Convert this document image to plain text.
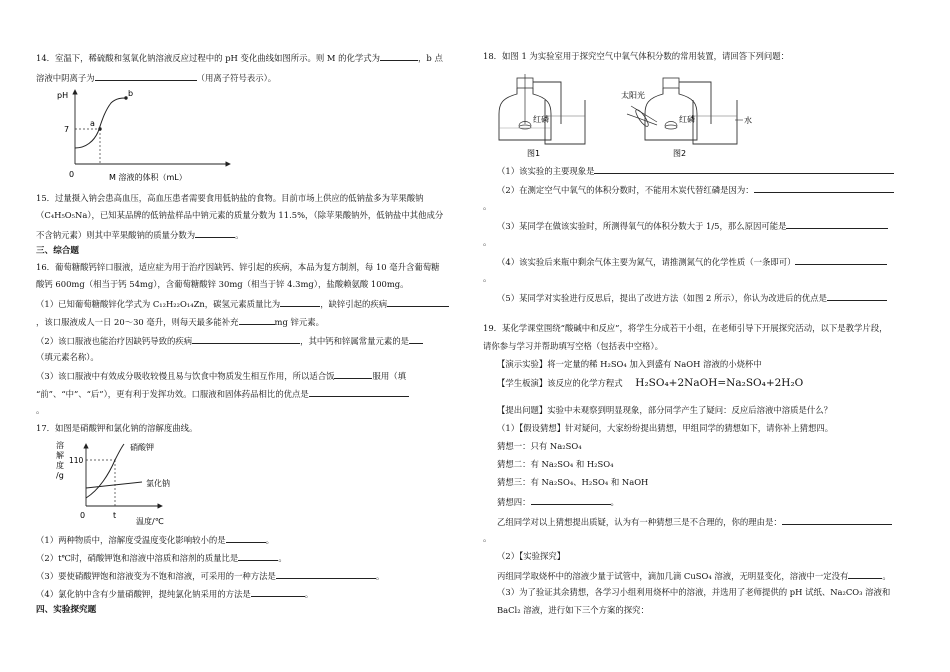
14．室温下，稀硫酸和氢氧化钠溶液反应过程中的 pH 变化曲线如图所示。则 M 的化学式为	，b 点
溶液中阴离子为	（用离子符号表示）。
pH
7
0
a
b
M 溶液的体积（mL）
15．过量摄入钠会患高血压，高血压患者需要食用低钠盐的食物。目前市场上供应的低钠盐多为苹果酸钠
（C₄H₅O₅Na），已知某品牌的低钠盐样品中钠元素的质量分数为 11.5%，（除苹果酸钠外，低钠盐中其他成分
不含钠元素）则其中苹果酸钠的质量分数为	。
三、综合题
16．葡萄糖酸钙锌口服液，适应症为用于治疗因缺钙、锌引起的疾病，本品为复方制剂，每 10 毫升含葡萄糖
酸钙 600mg（相当于钙 54mg），含葡萄糖酸锌 30mg（相当于锌 4.3mg），盐酸赖氨酸 100mg。
（1）已知葡萄糖酸锌化学式为 C₁₂H₂₂O₁₄Zn，碳氢元素质量比为	，缺锌引起的疾病
，该口服液成人一日 20～30 毫升，则每天最多能补充	mg 锌元素。
（2）该口服液也能治疗因缺钙导致的疾病	，其中钙和锌属常量元素的是
（填元素名称）。
（3）该口服液中有效成分吸收较慢且易与饮食中物质发生相互作用，所以适合饭	服用（填
“前”、“中”、“后”），更有利于发挥功效。口服液和固体药品相比的优点是
。
17．如图是硝酸钾和氯化钠的溶解度曲线。
溶
解
度
/g
110
硝酸钾
氯化钠
0	t
温度/℃
（1）两种物质中，溶解度受温度变化影响较小的是	。
（2）t℃时，硝酸钾饱和溶液中溶质和溶剂的质量比是	。
（3）要使硝酸钾饱和溶液变为不饱和溶液，可采用的一种方法是	。
（4）氯化钠中含有少量硝酸钾，提纯氯化钠采用的方法是	。
四、实验探究题
18．如图 1 为实验室用于探究空气中氧气体积分数的常用装置，请回答下列问题：
红磷
图1
太阳光
红磷	水
图2
（1）该实验的主要现象是
（2）在测定空气中氧气的体积分数时，不能用木炭代替红磷是因为：
。
（3）某同学在做该实验时，所测得氧气的体积分数大于 1/5，那么原因可能是
。
（4）该实验后来瓶中剩余气体主要为氮气，请推测氮气的化学性质（一条即可）
。
（5）某同学对实验进行反思后，提出了改进方法（如图 2 所示），你认为改进后的优点是
19．某化学课堂围绕“酸碱中和反应”，将学生分成若干小组，在老师引导下开展探究活动，以下是教学片段，
请你参与学习并帮助填写空格（包括表中空格）。
【演示实验】将一定量的稀 H₂SO₄ 加入到盛有 NaOH 溶液的小烧杯中
【学生板演】该反应的化学方程式 H₂SO₄+2NaOH=Na₂SO₄+2H₂O
【提出问题】实验中未观察到明显现象，部分同学产生了疑问：反应后溶液中溶质是什么？
（1）【假设猜想】针对疑问，大家纷纷提出猜想，甲组同学的猜想如下，请你补上猜想四。
猜想一：只有 Na₂SO₄
猜想二：有 Na₂SO₄ 和 H₂SO₄
猜想三：有 Na₂SO₄、H₂SO₄ 和 NaOH
猜想四：	。
乙组同学对以上猜想提出质疑，认为有一种猜想三是不合理的，你的理由是：
。
（2）【实验探究】
丙组同学取烧杯中的溶液少量于试管中，滴加几滴 CuSO₄ 溶液，无明显变化，溶液中一定没有	。
（3）为了验证其余猜想，各学习小组利用烧杯中的溶液，并选用了老师提供的 pH 试纸、Na₂CO₃ 溶液和
BaCl₂ 溶液，进行如下三个方案的探究：
